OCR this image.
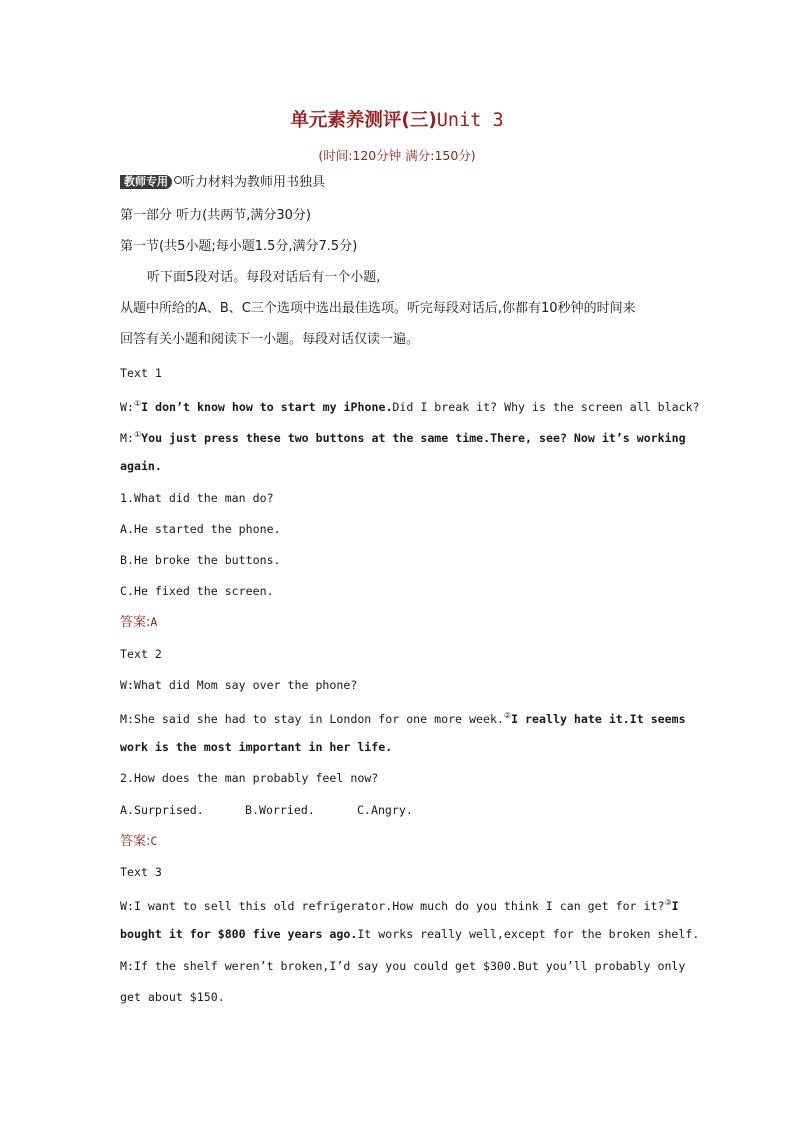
单元素养测评(三)Unit 3
(时间:120分钟 满分:150分)
教师专用 听力材料为教师用书独具
第一部分 听力(共两节,满分30分)
第一节(共5小题;每小题1.5分,满分7.5分)
听下面5段对话。每段对话后有一个小题,
从题中所给的A、B、C三个选项中选出最佳选项。听完每段对话后,你都有10秒钟的时间来
回答有关小题和阅读下一小题。每段对话仅读一遍。
Text 1
W:①I don’t know how to start my iPhone.Did I break it? Why is the screen all black?
M:①You just press these two buttons at the same time.There, see? Now it’s working
again.
1.What did the man do?
A.He started the phone.
B.He broke the buttons.
C.He fixed the screen.
答案:A
Text 2
W:What did Mom say over the phone?
M:She said she had to stay in London for one more week.②I really hate it.It seems
work is the most important in her life.
2.How does the man probably feel now?
A.Surprised.	B.Worried.	C.Angry.
答案:C
Text 3
W:I want to sell this old refrigerator.How much do you think I can get for it?③I
bought it for $800 five years ago.It works really well,except for the broken shelf.
M:If the shelf weren’t broken,I’d say you could get $300.But you’ll probably only
get about $150.
